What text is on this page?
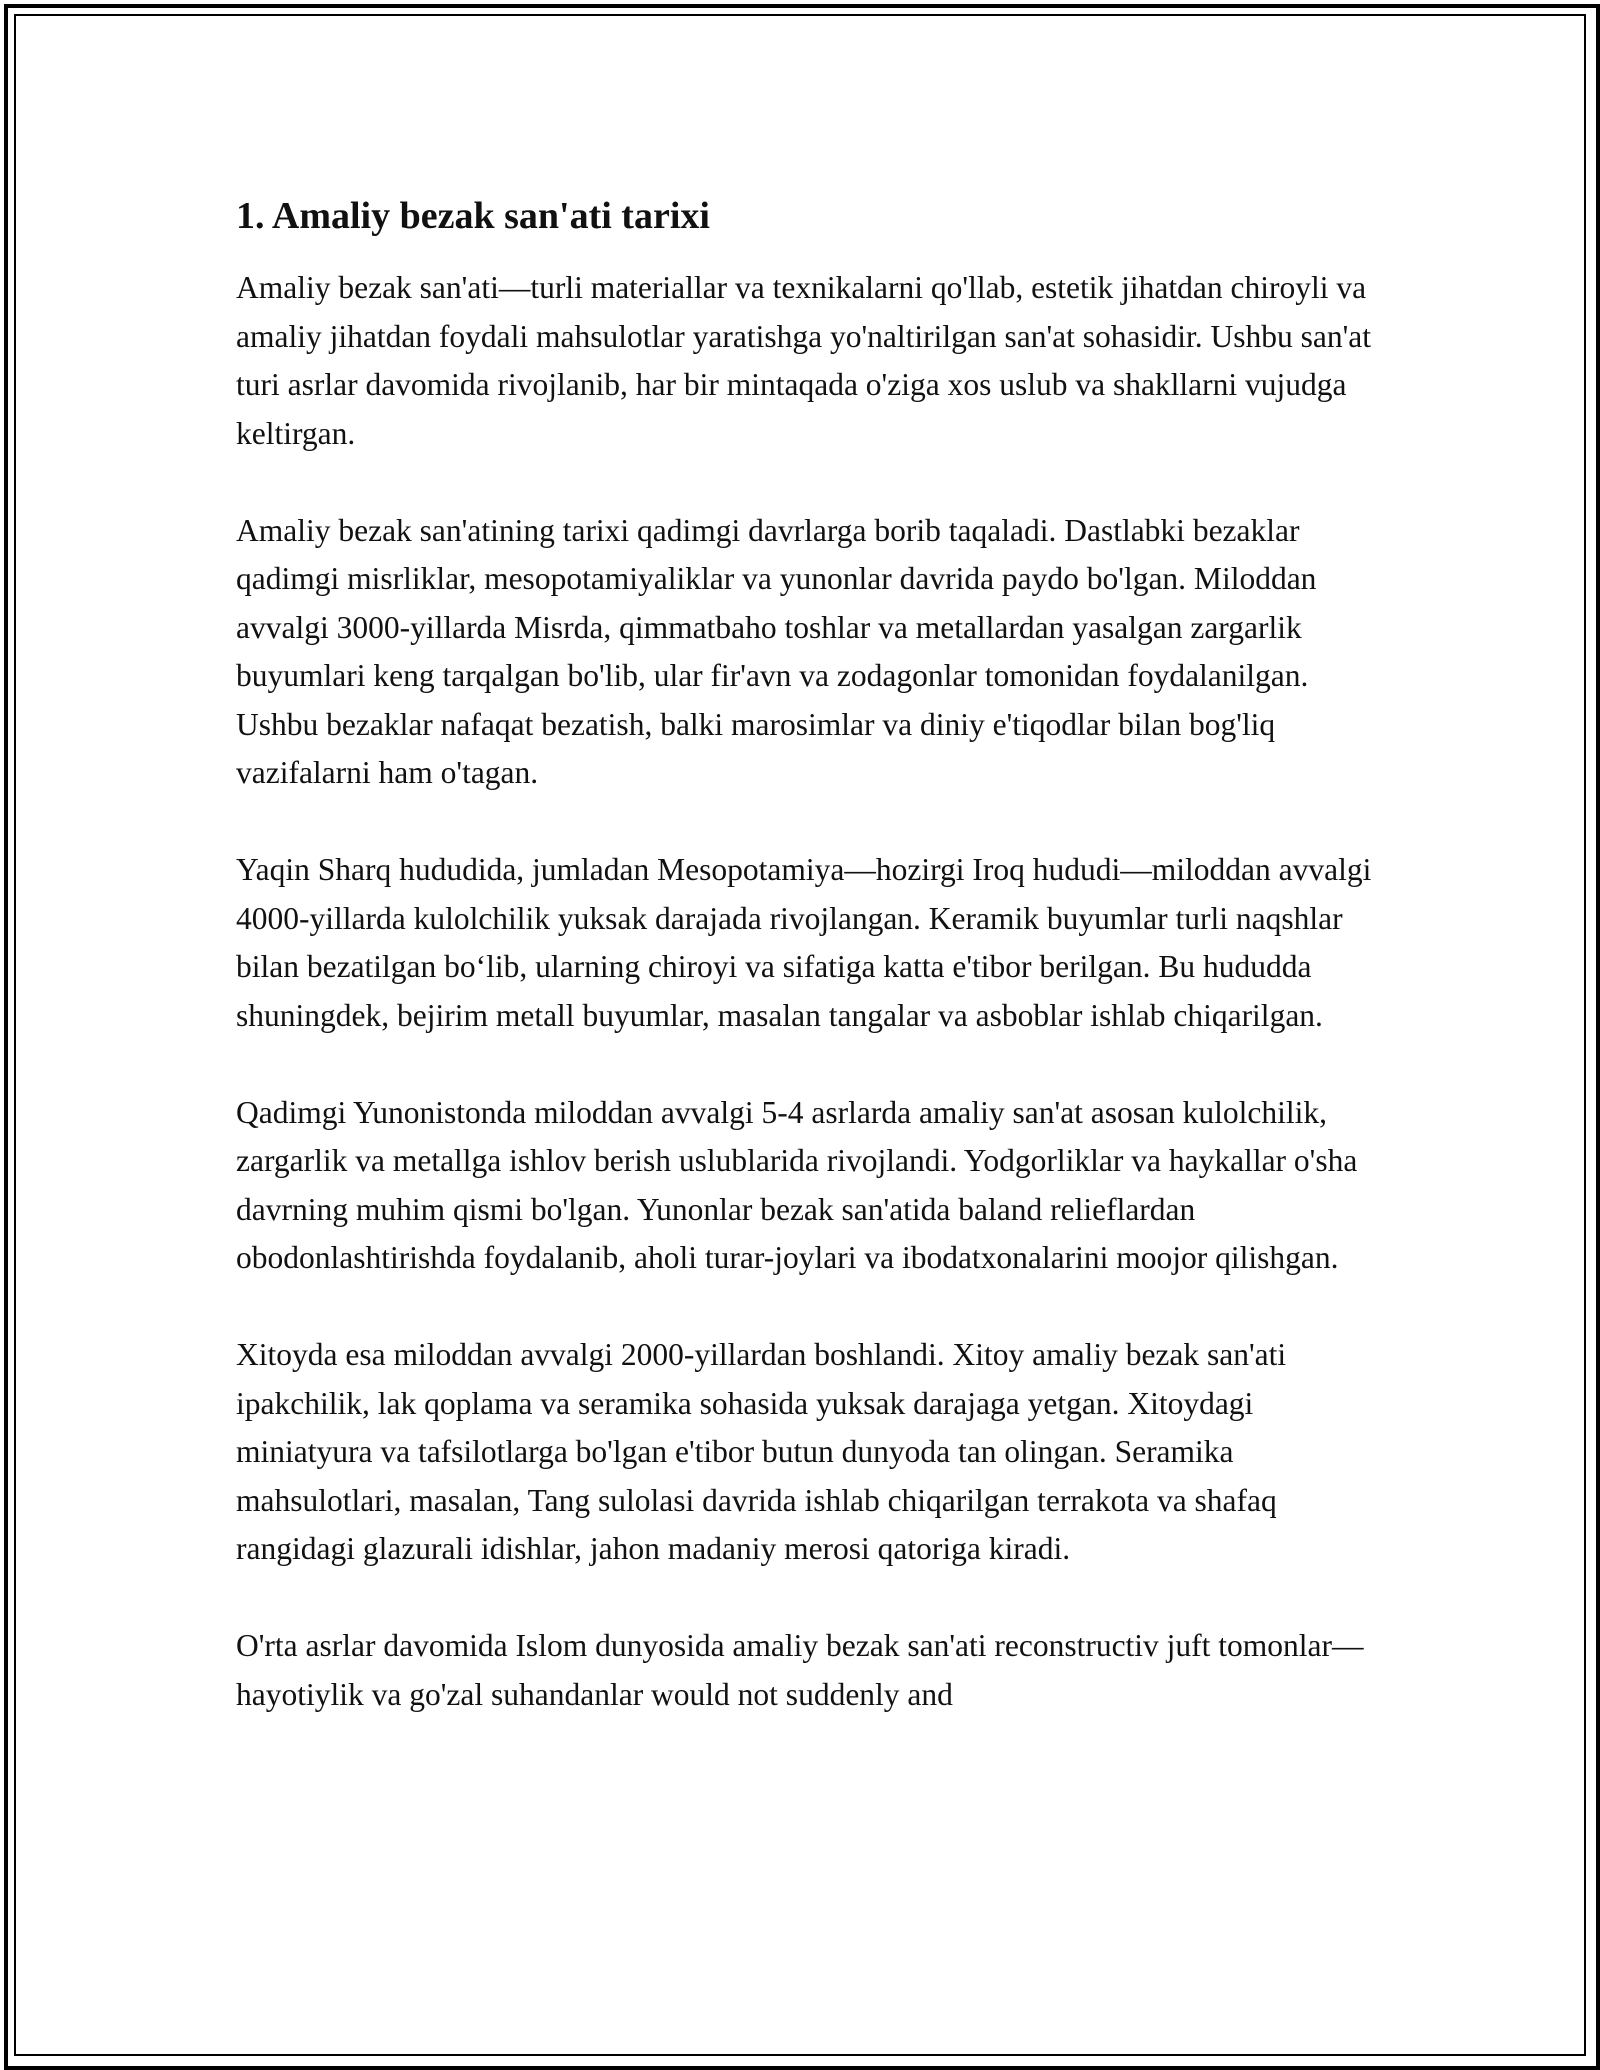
1. Amaliy bezak san'ati tarixi

Amaliy bezak san'ati—turli materiallar va texnikalarni qo'llab, estetik jihatdan chiroyli va amaliy jihatdan foydali mahsulotlar yaratishga yo'naltirilgan san'at sohasidir. Ushbu san'at turi asrlar davomida rivojlanib, har bir mintaqada o'ziga xos uslub va shakllarni vujudga keltirgan.

Amaliy bezak san'atining tarixi qadimgi davrlarga borib taqaladi. Dastlabki bezaklar qadimgi misrliklar, mesopotamiyaliklar va yunonlar davrida paydo bo'lgan. Miloddan avvalgi 3000-yillarda Misrda, qimmatbaho toshlar va metallardan yasalgan zargarlik buyumlari keng tarqalgan bo'lib, ular fir'avn va zodagonlar tomonidan foydalanilgan. Ushbu bezaklar nafaqat bezatish, balki marosimlar va diniy e'tiqodlar bilan bog'liq vazifalarni ham o'tagan.

Yaqin Sharq hududida, jumladan Mesopotamiya—hozirgi Iroq hududi—miloddan avvalgi 4000-yillarda kulolchilik yuksak darajada rivojlangan. Keramik buyumlar turli naqshlar bilan bezatilgan bo‘lib, ularning chiroyi va sifatiga katta e'tibor berilgan. Bu hududda shuningdek, bejirim metall buyumlar, masalan tangalar va asboblar ishlab chiqarilgan.

Qadimgi Yunonistonda miloddan avvalgi 5-4 asrlarda amaliy san'at asosan kulolchilik, zargarlik va metallga ishlov berish uslublarida rivojlandi. Yodgorliklar va haykallar o'sha davrning muhim qismi bo'lgan. Yunonlar bezak san'atida baland relieflardan obodonlashtirishda foydalanib, aholi turar-joylari va ibodatxonalarini moojor qilishgan.

Xitoyda esa miloddan avvalgi 2000-yillardan boshlandi. Xitoy amaliy bezak san'ati ipakchilik, lak qoplama va seramika sohasida yuksak darajaga yetgan. Xitoydagi miniatyura va tafsilotlarga bo'lgan e'tibor butun dunyoda tan olingan. Seramika mahsulotlari, masalan, Tang sulolasi davrida ishlab chiqarilgan terrakota va shafaq rangidagi glazurali idishlar, jahon madaniy merosi qatoriga kiradi.

O'rta asrlar davomida Islom dunyosida amaliy bezak san'ati reconstructiv juft tomonlar—hayotiylik va go'zal suhandanlar would not suddenly and
